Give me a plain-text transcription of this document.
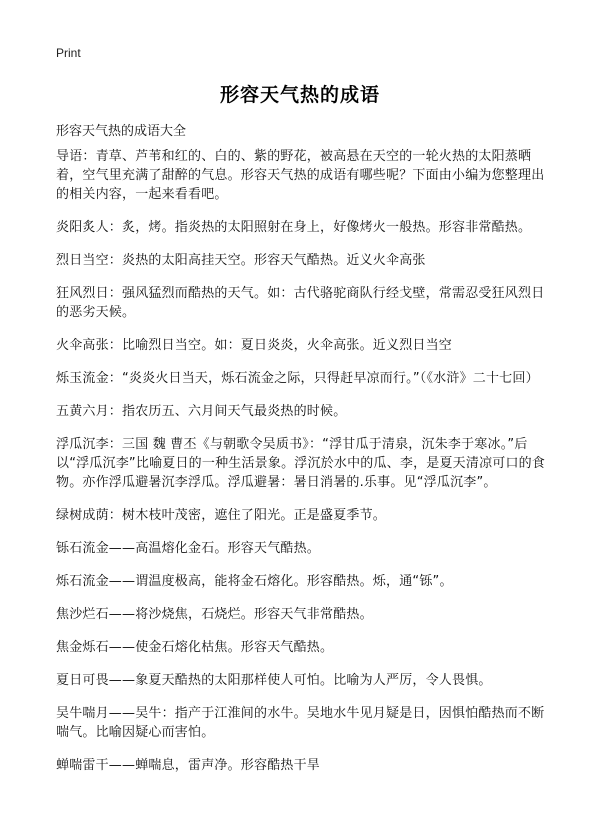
Print
形容天气热的成语
形容天气热的成语大全

导语：青草、芦苇和红的、白的、紫的野花，被高悬在天空的一轮火热的太阳蒸晒着，空气里充满了甜醉的气息。形容天气热的成语有哪些呢？下面由小编为您整理出的相关内容，一起来看看吧。

炎阳炙人：炙，烤。指炎热的太阳照射在身上，好像烤火一般热。形容非常酷热。

烈日当空：炎热的太阳高挂天空。形容天气酷热。近义火伞高张

狂风烈日：强风猛烈而酷热的天气。如：古代骆驼商队行经戈壁，常需忍受狂风烈日的恶劣天候。

火伞高张：比喻烈日当空。如：夏日炎炎，火伞高张。近义烈日当空

烁玉流金：“炎炎火日当天，烁石流金之际，只得赶早凉而行。”（《水浒》二十七回）

五黄六月：指农历五、六月间天气最炎热的时候。

浮瓜沉李：三国 魏 曹丕《与朝歌令吴质书》：“浮甘瓜于清泉，沉朱李于寒冰。”后以“浮瓜沉李”比喻夏日的一种生活景象。浮沉於水中的瓜、李，是夏天清凉可口的食物。亦作浮瓜避暑沉李浮瓜。浮瓜避暑：暑日消暑的.乐事。见“浮瓜沉李”。

绿树成荫：树木枝叶茂密，遮住了阳光。正是盛夏季节。

铄石流金——高温熔化金石。形容天气酷热。

烁石流金——谓温度极高，能将金石熔化。形容酷热。烁，通“铄”。

焦沙烂石——将沙烧焦，石烧烂。形容天气非常酷热。

焦金烁石——使金石熔化枯焦。形容天气酷热。

夏日可畏——象夏天酷热的太阳那样使人可怕。比喻为人严厉，令人畏惧。

吴牛喘月——吴牛：指产于江淮间的水牛。吴地水牛见月疑是日，因惧怕酷热而不断喘气。比喻因疑心而害怕。

蝉喘雷干——蝉喘息，雷声净。形容酷热干旱
